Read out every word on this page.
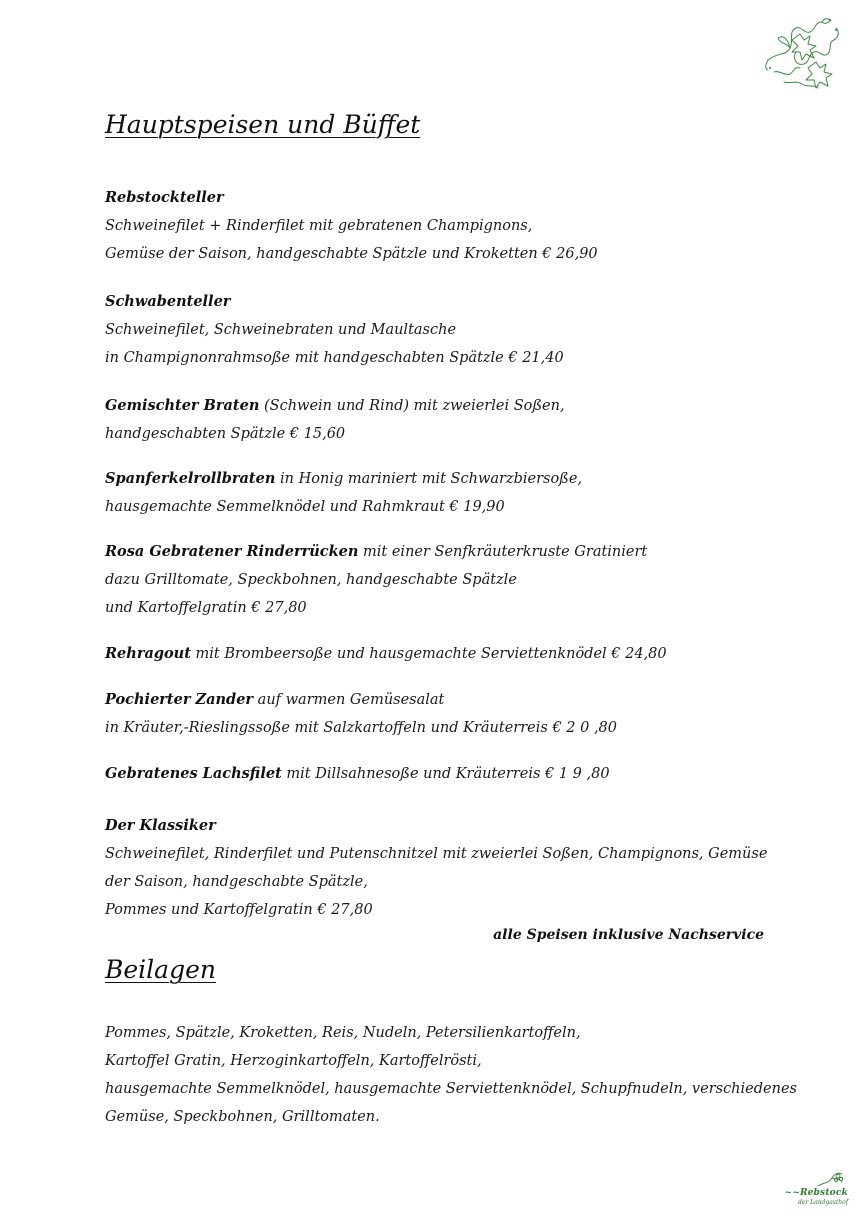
Hauptspeisen und Büffet
Rebstockteller
Schweinefilet + Rinderfilet mit gebratenen Champignons,
Gemüse der Saison, handgeschabte Spätzle und Kroketten € 26,90
Schwabenteller
Schweinefilet, Schweinebraten und Maultasche
in Champignonrahmsoße mit handgeschabten Spätzle € 21,40
Gemischter Braten (Schwein und Rind) mit zweierlei Soßen,
handgeschabten Spätzle € 15,60
Spanferkelrollbraten in Honig mariniert mit Schwarzbiersoße,
hausgemachte Semmelknödel und Rahmkraut € 19,90
Rosa Gebratener Rinderrücken mit einer Senfkräuterkruste Gratiniert
dazu Grilltomate, Speckbohnen, handgeschabte Spätzle
und Kartoffelgratin € 27,80
Rehragout mit Brombeersoße und hausgemachte Serviettenknödel € 24,80
Pochierter Zander auf warmen Gemüsesalat
in Kräuter,-Rieslingssoße mit Salzkartoffeln und Kräuterreis € 2 0 ,80
Gebratenes Lachsfilet mit Dillsahnesoße und Kräuterreis € 1 9 ,80
Der Klassiker
Schweinefilet, Rinderfilet und Putenschnitzel mit zweierlei Soßen, Champignons, Gemüse
der Saison, handgeschabte Spätzle,
Pommes und Kartoffelgratin € 27,80
alle Speisen inklusive Nachservice
Beilagen
Pommes, Spätzle, Kroketten, Reis, Nudeln, Petersilienkartoffeln,
Kartoffel Gratin, Herzoginkartoffeln, Kartoffelrösti,
hausgemachte Semmelknödel, hausgemachte Serviettenknödel, Schupfnudeln, verschiedenes
Gemüse, Speckbohnen, Grilltomaten.
~~Rebstock
der Landgasthof
